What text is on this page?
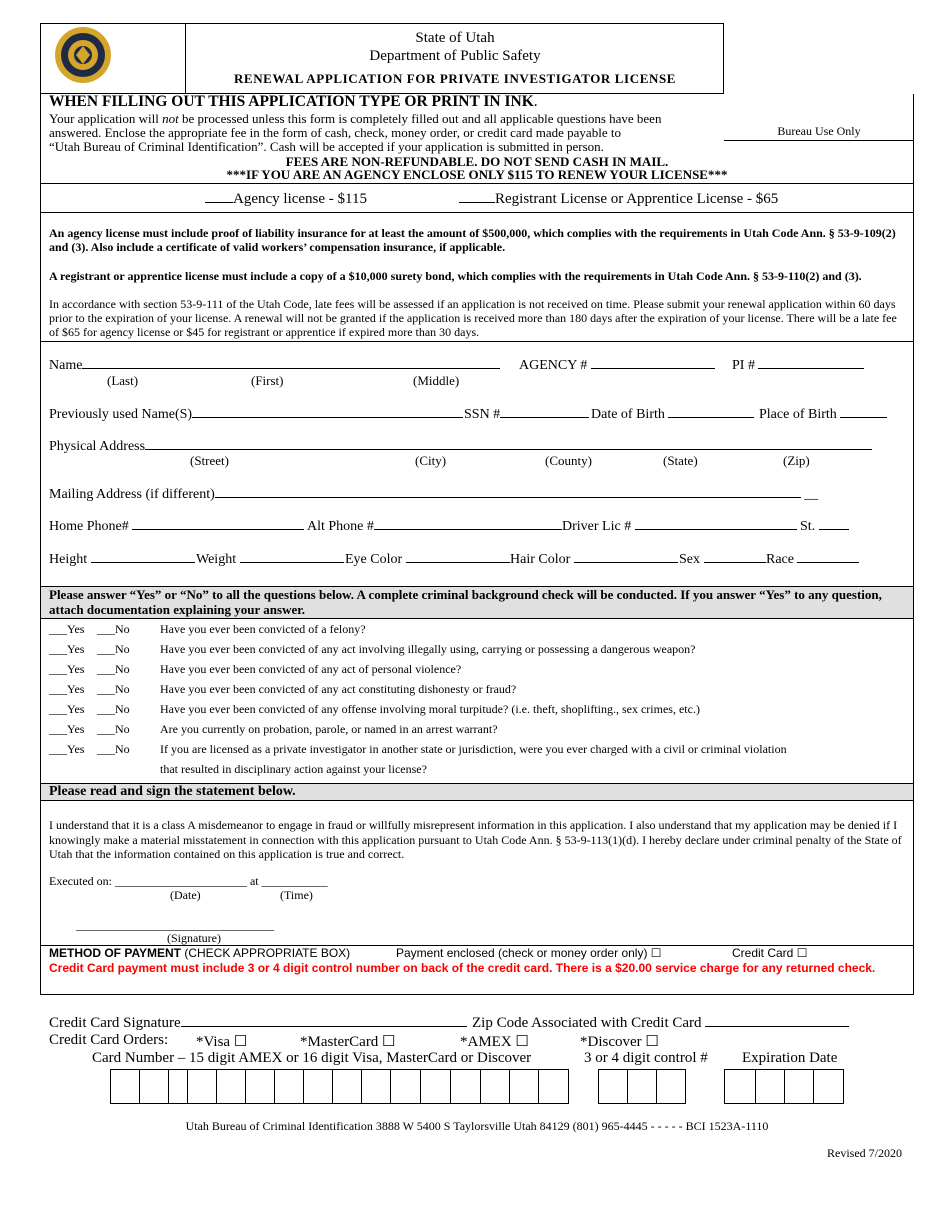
State of Utah
Department of Public Safety
RENEWAL APPLICATION FOR PRIVATE INVESTIGATOR LICENSE
Bureau Use Only
WHEN FILLING OUT THIS APPLICATION TYPE OR PRINT IN INK.
Your application will not be processed unless this form is completely filled out and all applicable questions have been
answered. Enclose the appropriate fee in the form of cash, check, money order, or credit card made payable to
“Utah Bureau of Criminal Identification”. Cash will be accepted if your application is submitted in person.
FEES ARE NON-REFUNDABLE. DO NOT SEND CASH IN MAIL.
***IF YOU ARE AN AGENCY ENCLOSE ONLY $115 TO RENEW YOUR LICENSE***
Agency license - $115	Registrant License or Apprentice License - $65
An agency license must include proof of liability insurance for at least the amount of $500,000, which complies with the requirements in Utah Code Ann. § 53-9-109(2) and (3). Also include a certificate of valid workers’ compensation insurance, if applicable.
A registrant or apprentice license must include a copy of a $10,000 surety bond, which complies with the requirements in Utah Code Ann. § 53-9-110(2) and (3).
In accordance with section 53-9-111 of the Utah Code, late fees will be assessed if an application is not received on time. Please submit your renewal application within 60 days prior to the expiration of your license. A renewal will not be granted if the application is received more than 180 days after the expiration of your license. There will be a late fee of $65 for agency license or $45 for registrant or apprentice if expired more than 30 days.
Name	AGENCY #	PI #
(Last)	(First)	(Middle)
Previously used Name(S)	SSN #	Date of Birth	Place of Birth
Physical Address
(Street)	(City)	(County)	(State)	(Zip)
Mailing Address (if different)	__
Home Phone#	Alt Phone #	Driver Lic #	St.
Height	Weight	Eye Color	Hair Color	Sex	Race
Please answer “Yes” or “No” to all the questions below. A complete criminal background check will be conducted. If you answer “Yes” to any question, attach documentation explaining your answer.
___Yes ___No	Have you ever been convicted of a felony?
___Yes ___No	Have you ever been convicted of any act involving illegally using, carrying or possessing a dangerous weapon?
___Yes ___No	Have you ever been convicted of any act of personal violence?
___Yes ___No	Have you ever been convicted of any act constituting dishonesty or fraud?
___Yes ___No	Have you ever been convicted of any offense involving moral turpitude? (i.e. theft, shoplifting., sex crimes, etc.)
___Yes ___No	Are you currently on probation, parole, or named in an arrest warrant?
___Yes ___No	If you are licensed as a private investigator in another state or jurisdiction, were you ever charged with a civil or criminal violation
that resulted in disciplinary action against your license?
Please read and sign the statement below.
I understand that it is a class A misdemeanor to engage in fraud or willfully misrepresent information in this application. I also understand that my application may be denied if I knowingly make a material misstatement in connection with this application pursuant to Utah Code Ann. § 53-9-113(1)(d). I hereby declare under criminal penalty of the State of Utah that the information contained on this application is true and correct.
Executed on: ______________________ at ___________
(Date)	(Time)
_________________________________
(Signature)
METHOD OF PAYMENT (CHECK APPROPRIATE BOX)	Payment enclosed (check or money order only) ☐	Credit Card ☐
Credit Card payment must include 3 or 4 digit control number on back of the credit card. There is a $20.00 service charge for any returned check.
Credit Card Signature	Zip Code Associated with Credit Card
Credit Card Orders: *Visa ☐	*MasterCard ☐	*AMEX ☐	*Discover ☐
Card Number – 15 digit AMEX or 16 digit Visa, MasterCard or Discover	3 or 4 digit control # Expiration Date
Utah Bureau of Criminal Identification 3888 W 5400 S Taylorsville Utah 84129 (801) 965-4445 - - - - - BCI 1523A-1110
Revised 7/2020
